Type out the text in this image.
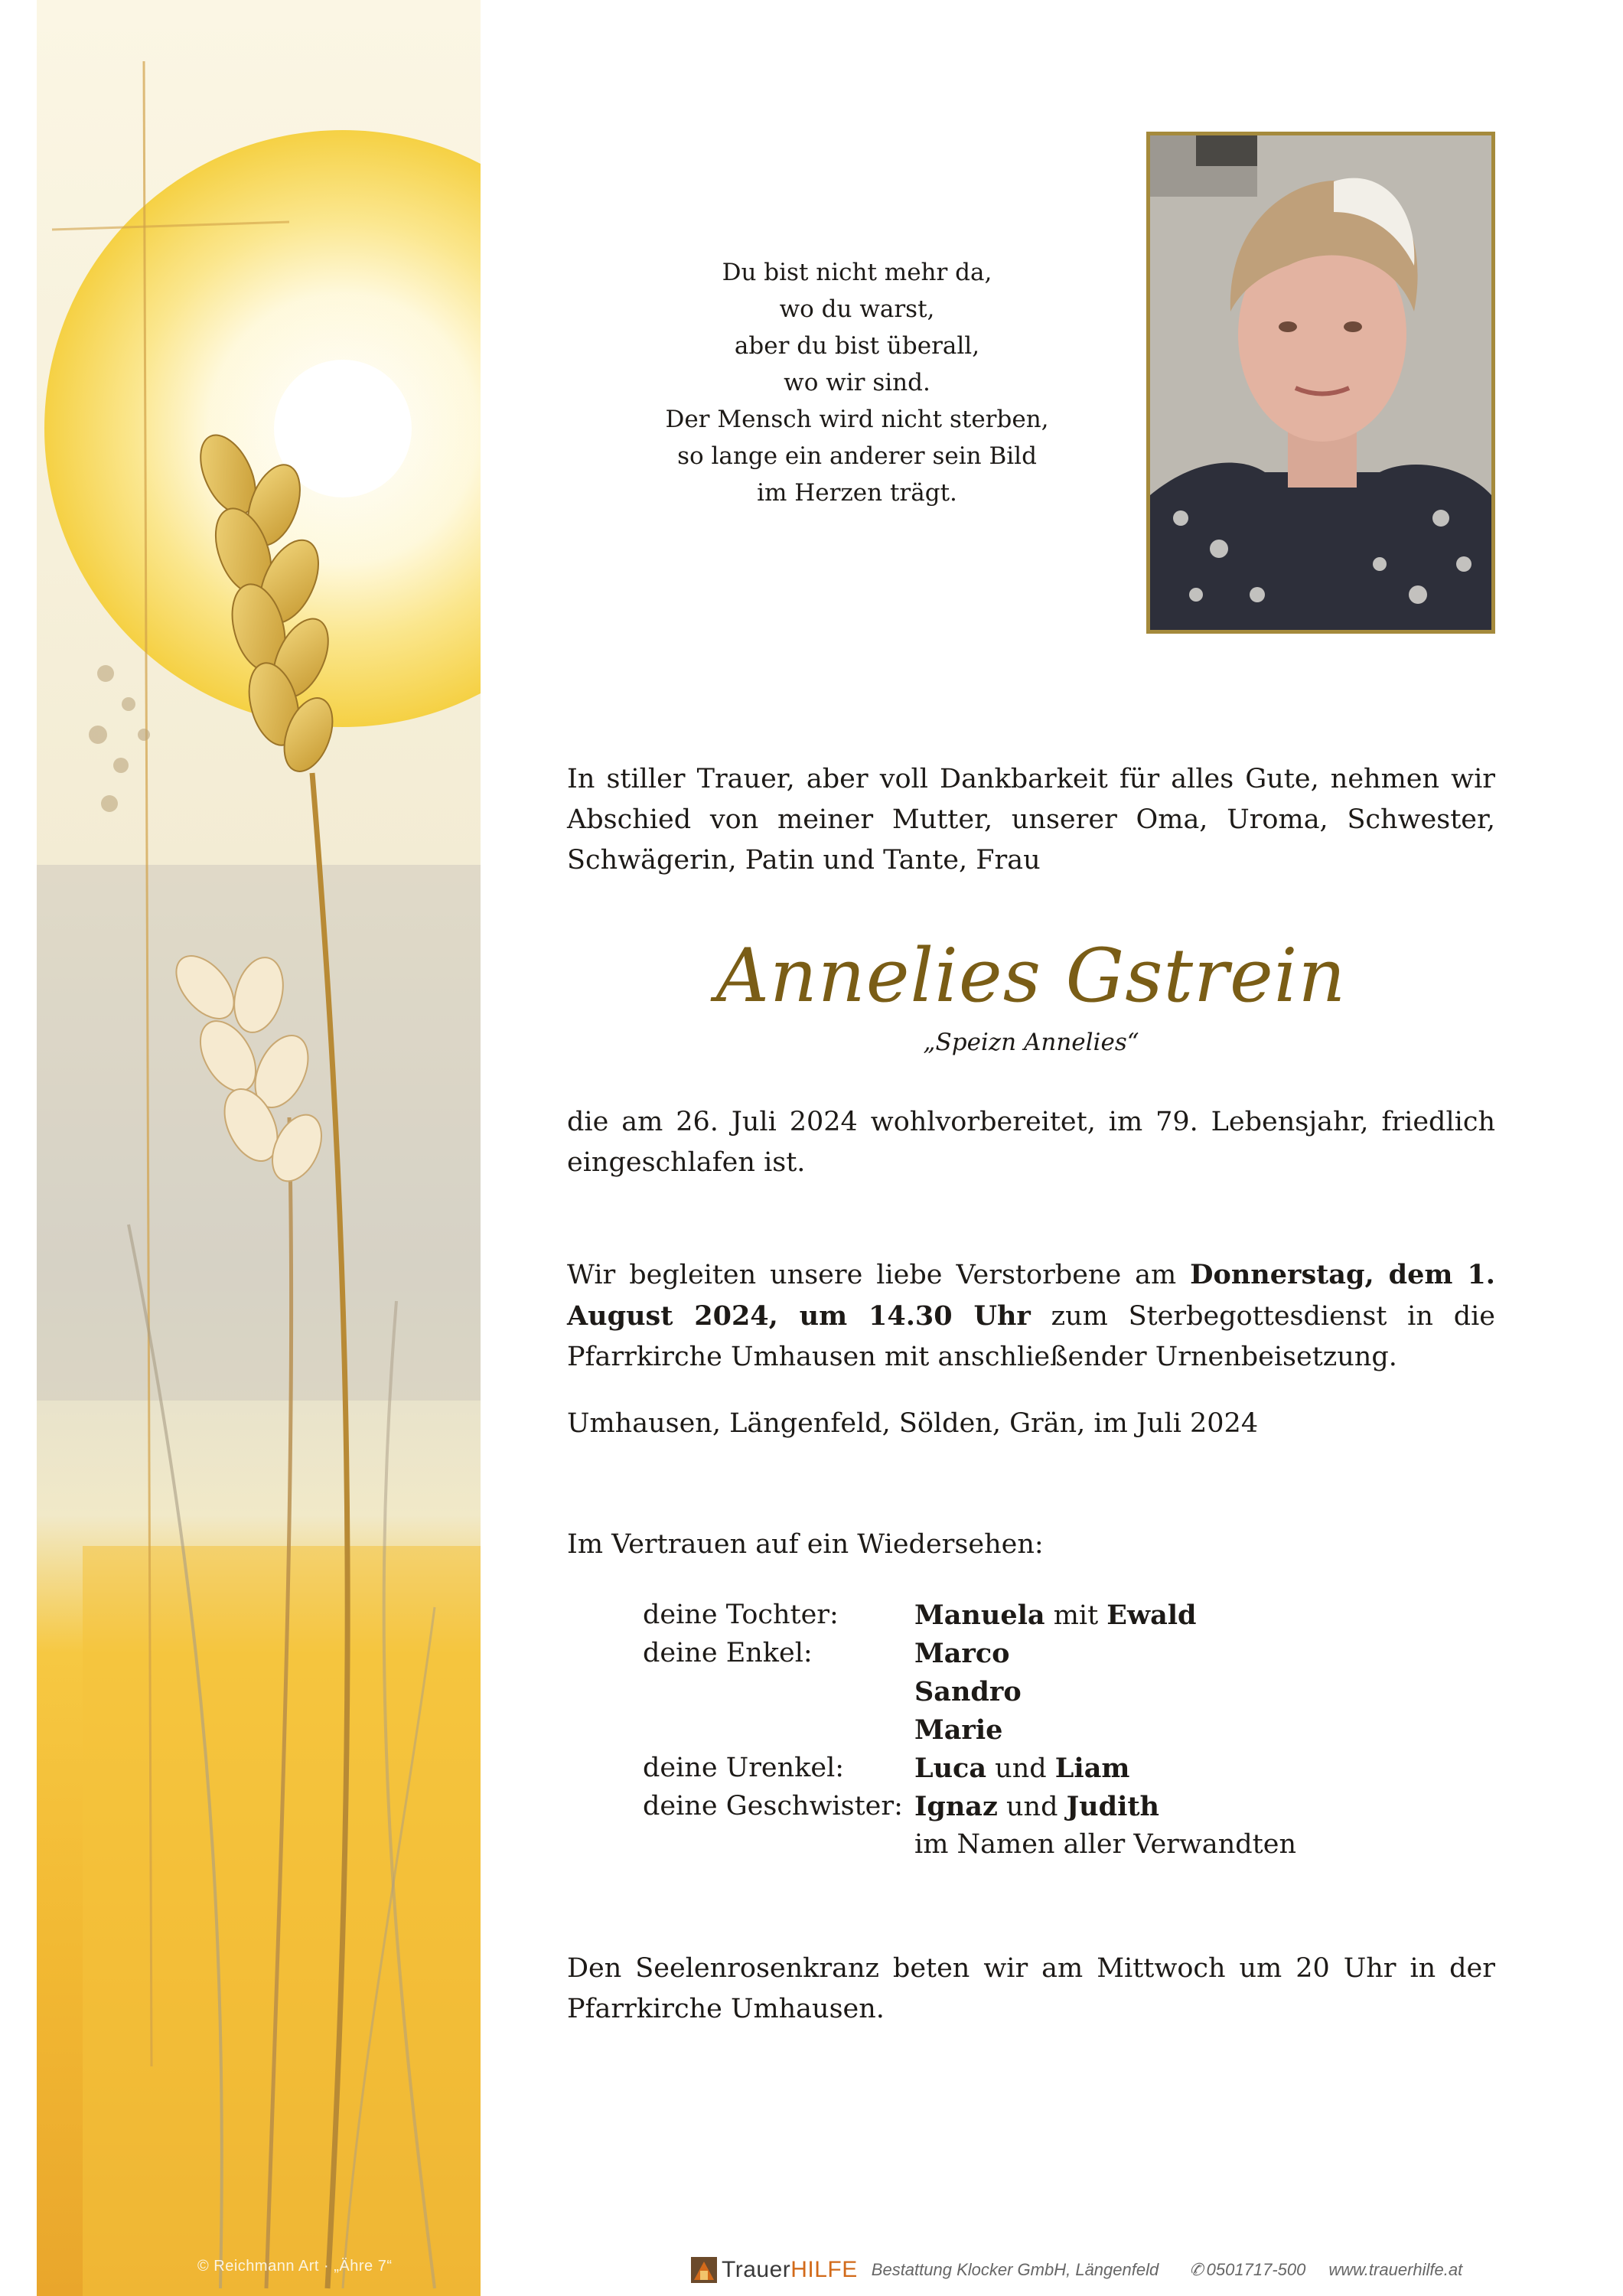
© Reichmann Art · „Ähre 7“
Du bist nicht mehr da,
wo du warst,
aber du bist überall,
wo wir sind.
Der Mensch wird nicht sterben,
so lange ein anderer sein Bild
im Herzen trägt.
In stiller Trauer, aber voll Dankbarkeit für alles Gute, nehmen wir Abschied von meiner Mutter, unserer Oma, Uroma, Schwester, Schwägerin, Patin und Tante, Frau
Annelies Gstrein
„Speizn Annelies“
die am 26. Juli 2024 wohlvorbereitet, im 79. Lebensjahr, friedlich eingeschlafen ist.
Wir begleiten unsere liebe Verstorbene am Donnerstag, dem 1. August 2024, um 14.30 Uhr zum Sterbegottesdienst in die Pfarrkirche Umhausen mit anschließender Urnenbeisetzung.
Umhausen, Längenfeld, Sölden, Grän, im Juli 2024
Im Vertrauen auf ein Wiedersehen:
deine Tochter:	Manuela mit Ewald
deine Enkel:	Marco
	Sandro
	Marie
deine Urenkel:	Luca und Liam
deine Geschwister:	Ignaz und Judith
	im Namen aller Verwandten
Den Seelenrosenkranz beten wir am Mittwoch um 20 Uhr in der Pfarrkirche Umhausen.
TrauerHILFE Bestattung Klocker GmbH, Längenfeld ✆ 0501717-500 www.trauerhilfe.at
